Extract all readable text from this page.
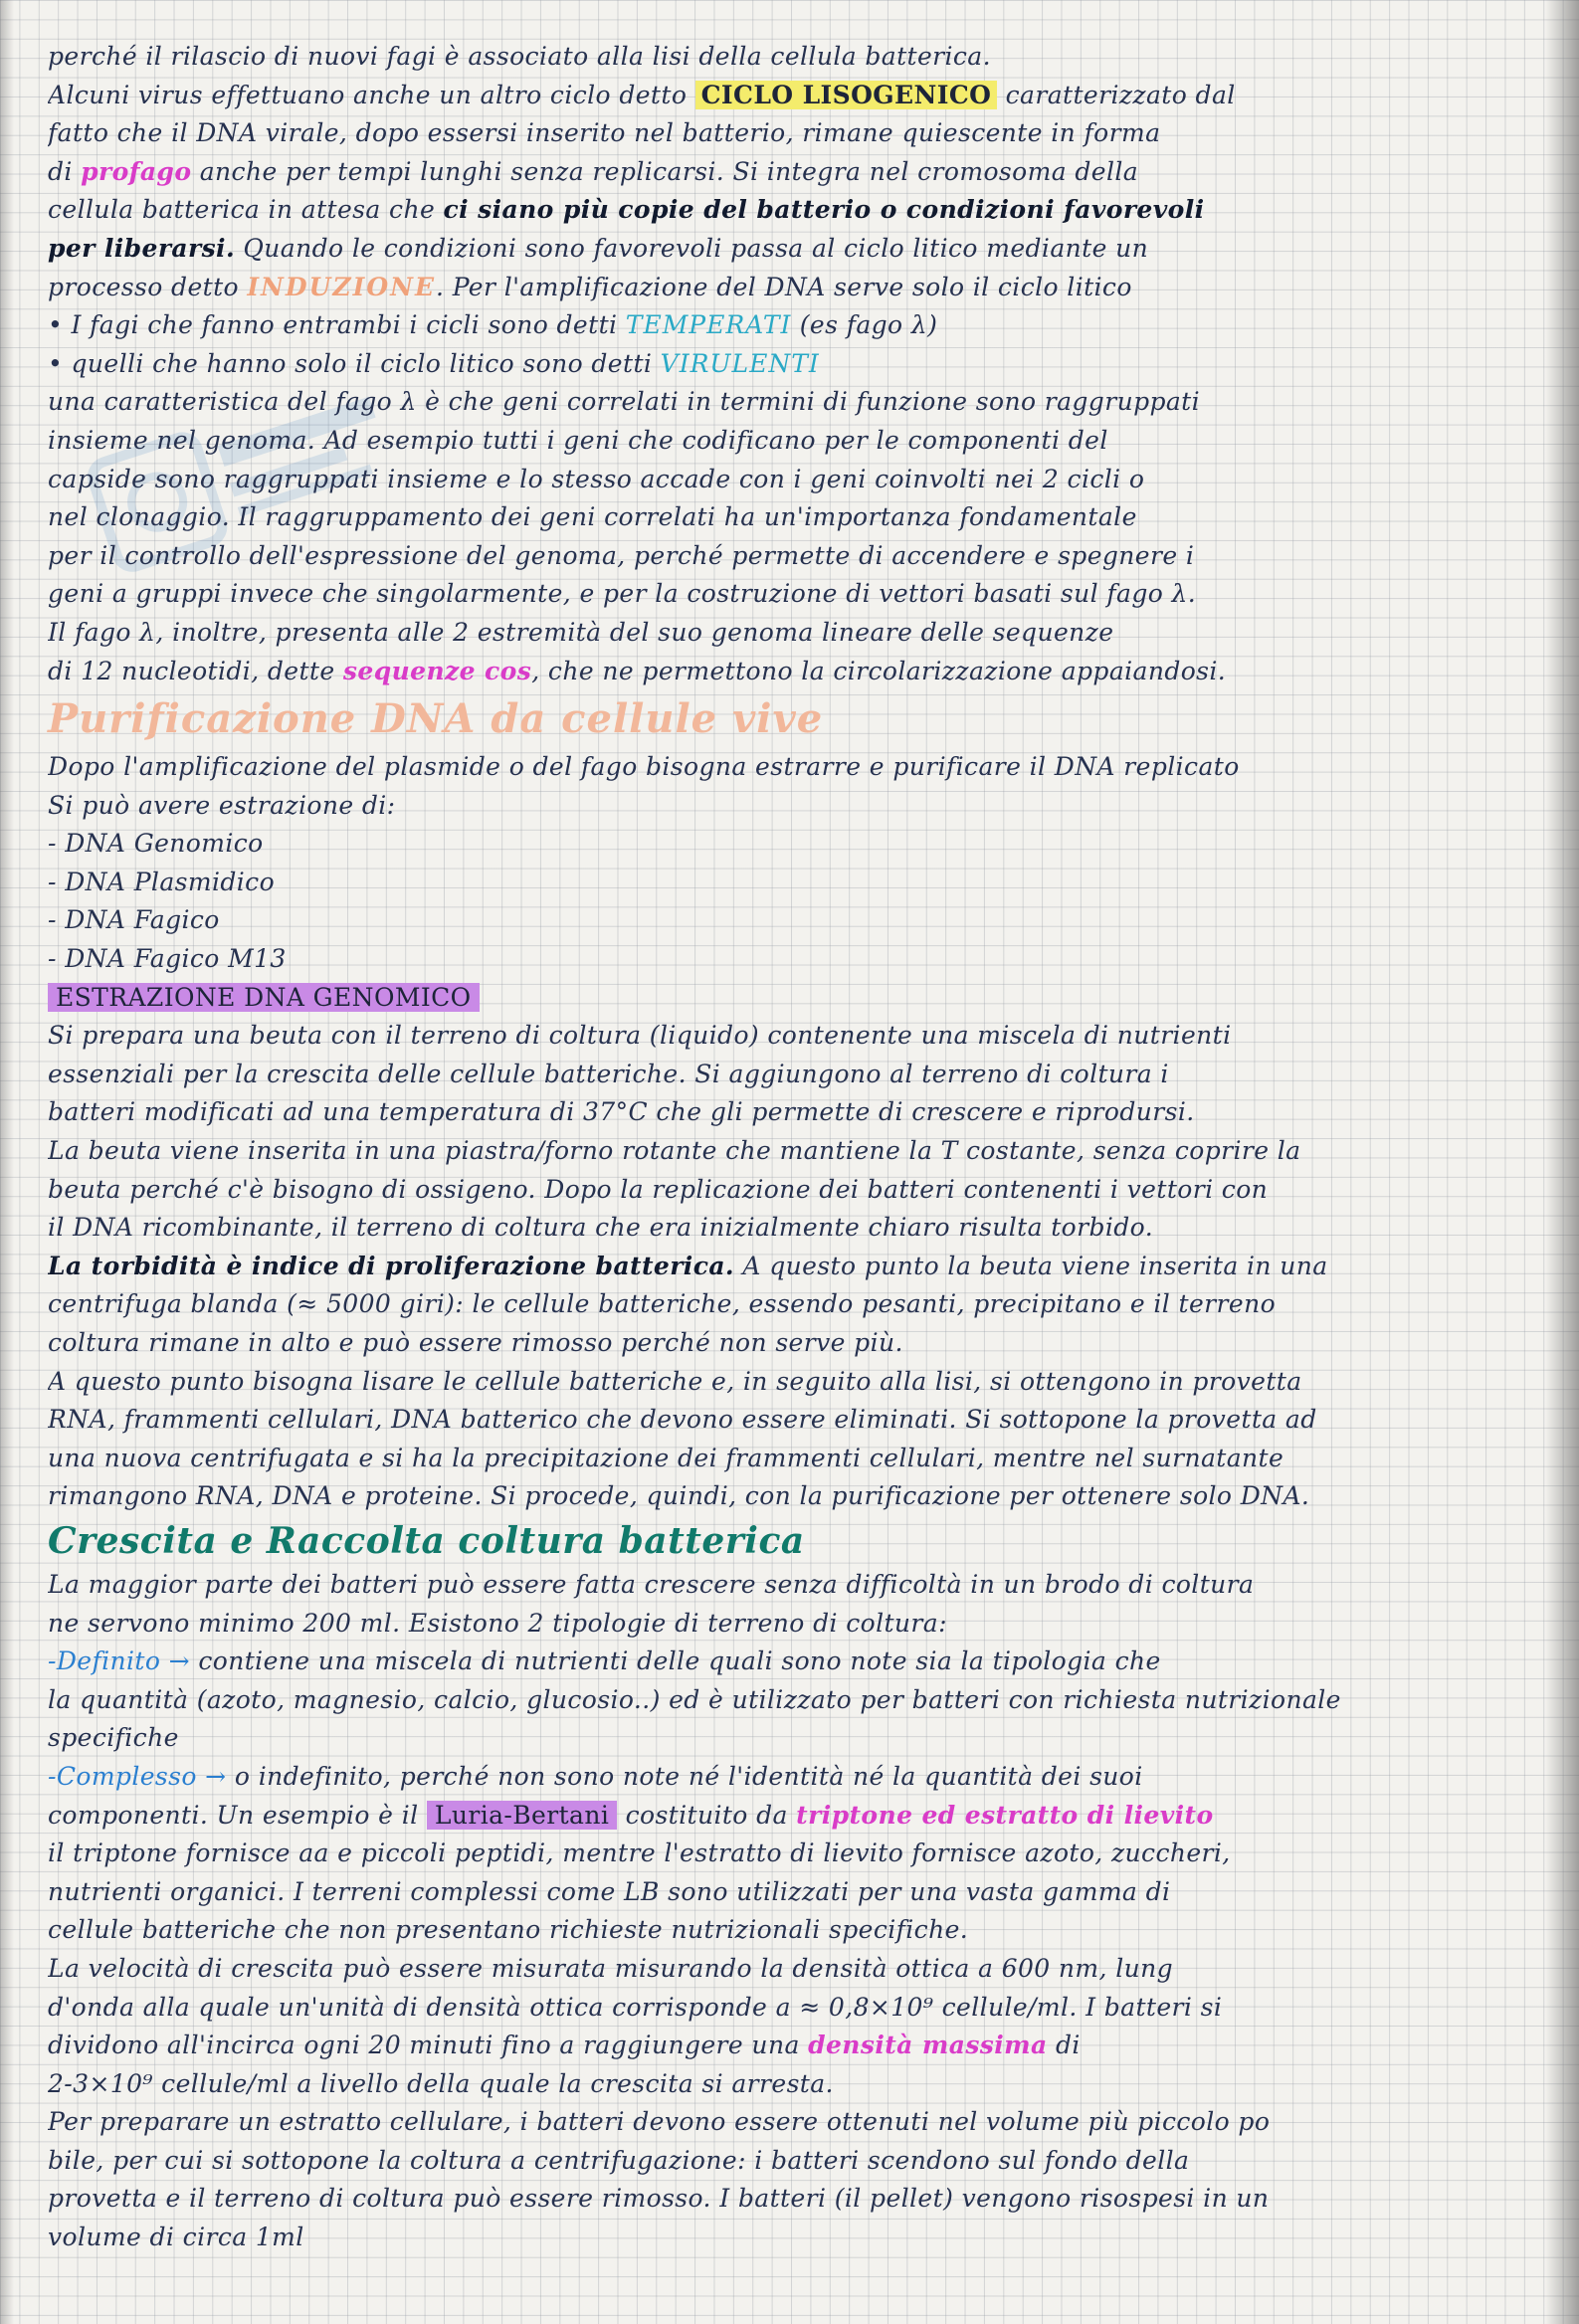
perché il rilascio di nuovi fagi è associato alla lisi della cellula batterica.
Alcuni virus effettuano anche un altro ciclo detto CICLO LISOGENICO caratterizzato dal
fatto che il DNA virale, dopo essersi inserito nel batterio, rimane quiescente in forma
di profago anche per tempi lunghi senza replicarsi. Si integra nel cromosoma della
cellula batterica in attesa che ci siano più copie del batterio o condizioni favorevoli
per liberarsi. Quando le condizioni sono favorevoli passa al ciclo litico mediante un
processo detto INDUZIONE. Per l'amplificazione del DNA serve solo il ciclo litico
• I fagi che fanno entrambi i cicli sono detti TEMPERATI (es fago λ)
• quelli che hanno solo il ciclo litico sono detti VIRULENTI
una caratteristica del fago λ è che geni correlati in termini di funzione sono raggruppati
insieme nel genoma. Ad esempio tutti i geni che codificano per le componenti del
capside sono raggruppati insieme e lo stesso accade con i geni coinvolti nei 2 cicli o
nel clonaggio. Il raggruppamento dei geni correlati ha un'importanza fondamentale
per il controllo dell'espressione del genoma, perché permette di accendere e spegnere i
geni a gruppi invece che singolarmente, e per la costruzione di vettori basati sul fago λ.
Il fago λ, inoltre, presenta alle 2 estremità del suo genoma lineare delle sequenze
di 12 nucleotidi, dette sequenze cos, che ne permettono la circolarizzazione appaiandosi.
Purificazione DNA da cellule vive
Dopo l'amplificazione del plasmide o del fago bisogna estrarre e purificare il DNA replicato
Si può avere estrazione di:
- DNA Genomico
- DNA Plasmidico
- DNA Fagico
- DNA Fagico M13
ESTRAZIONE DNA GENOMICO
Si prepara una beuta con il terreno di coltura (liquido) contenente una miscela di nutrienti
essenziali per la crescita delle cellule batteriche. Si aggiungono al terreno di coltura i
batteri modificati ad una temperatura di 37°C che gli permette di crescere e riprodursi.
La beuta viene inserita in una piastra/forno rotante che mantiene la T costante, senza coprire la
beuta perché c'è bisogno di ossigeno. Dopo la replicazione dei batteri contenenti i vettori con
il DNA ricombinante, il terreno di coltura che era inizialmente chiaro risulta torbido.
La torbidità è indice di proliferazione batterica. A questo punto la beuta viene inserita in una
centrifuga blanda (≈ 5000 giri): le cellule batteriche, essendo pesanti, precipitano e il terreno
coltura rimane in alto e può essere rimosso perché non serve più.
A questo punto bisogna lisare le cellule batteriche e, in seguito alla lisi, si ottengono in provetta
RNA, frammenti cellulari, DNA batterico che devono essere eliminati. Si sottopone la provetta ad
una nuova centrifugata e si ha la precipitazione dei frammenti cellulari, mentre nel surnatante
rimangono RNA, DNA e proteine. Si procede, quindi, con la purificazione per ottenere solo DNA.
Crescita e Raccolta coltura batterica
La maggior parte dei batteri può essere fatta crescere senza difficoltà in un brodo di coltura
ne servono minimo 200 ml. Esistono 2 tipologie di terreno di coltura:
-Definito → contiene una miscela di nutrienti delle quali sono note sia la tipologia che
la quantità (azoto, magnesio, calcio, glucosio..) ed è utilizzato per batteri con richiesta nutrizionale
specifiche
-Complesso → o indefinito, perché non sono note né l'identità né la quantità dei suoi
componenti. Un esempio è il Luria-Bertani costituito da triptone ed estratto di lievito
il triptone fornisce aa e piccoli peptidi, mentre l'estratto di lievito fornisce azoto, zuccheri,
nutrienti organici. I terreni complessi come LB sono utilizzati per una vasta gamma di
cellule batteriche che non presentano richieste nutrizionali specifiche.
La velocità di crescita può essere misurata misurando la densità ottica a 600 nm, lung
d'onda alla quale un'unità di densità ottica corrisponde a ≈ 0,8×10⁹ cellule/ml. I batteri si
dividono all'incirca ogni 20 minuti fino a raggiungere una densità massima di
2-3×10⁹ cellule/ml a livello della quale la crescita si arresta.
Per preparare un estratto cellulare, i batteri devono essere ottenuti nel volume più piccolo po
bile, per cui si sottopone la coltura a centrifugazione: i batteri scendono sul fondo della
provetta e il terreno di coltura può essere rimosso. I batteri (il pellet) vengono risospesi in un
volume di circa 1ml
